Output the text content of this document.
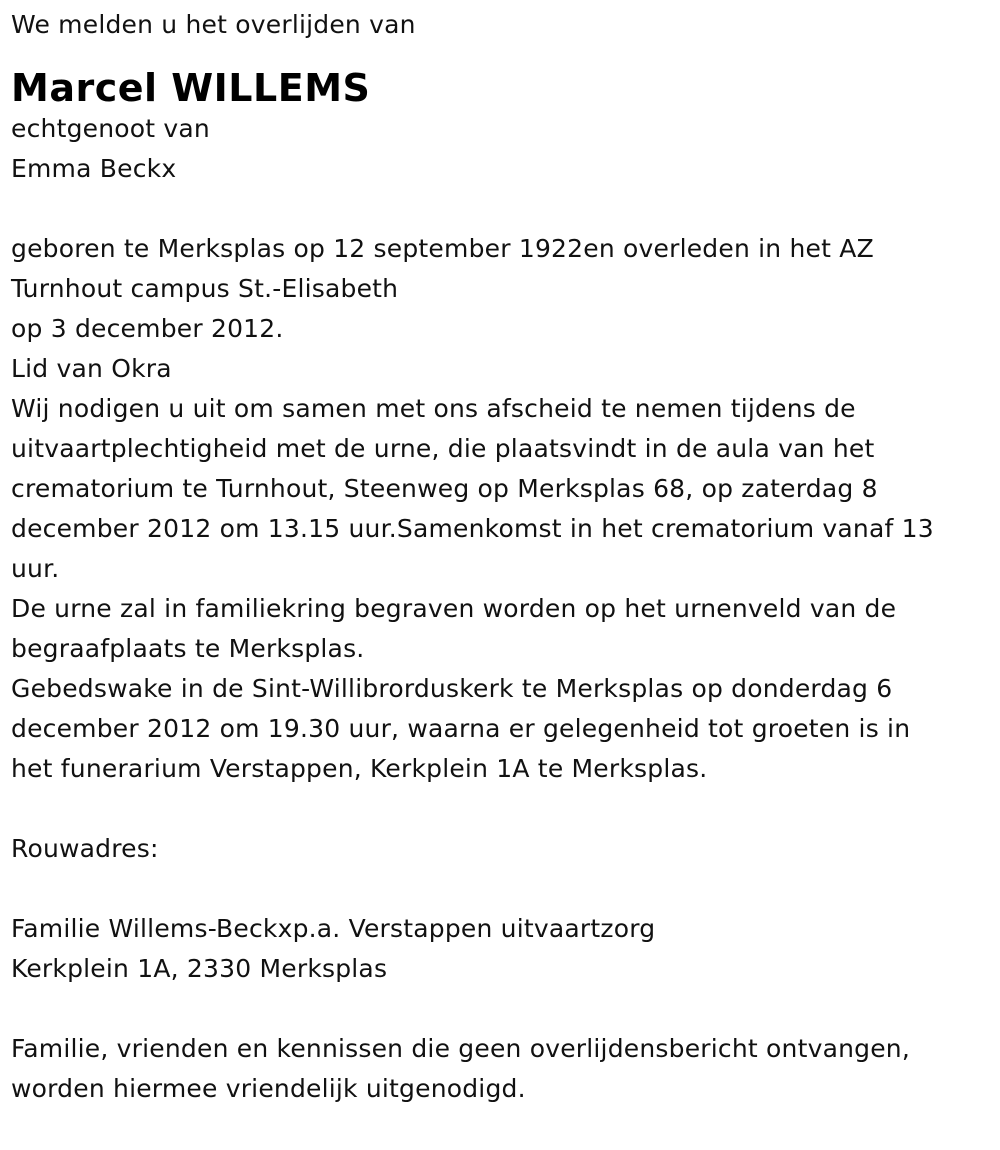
We melden u het overlijden van
Marcel WILLEMS
echtgenoot van
Emma Beckx
geboren te Merksplas op 12 september 1922en overleden in het AZ
Turnhout campus St.-Elisabeth
op 3 december 2012.
Lid van Okra
Wij nodigen u uit om samen met ons afscheid te nemen tijdens de
uitvaartplechtigheid met de urne, die plaatsvindt in de aula van het
crematorium te Turnhout, Steenweg op Merksplas 68, op zaterdag 8
december 2012 om 13.15 uur.Samenkomst in het crematorium vanaf 13
uur.
De urne zal in familiekring begraven worden op het urnenveld van de
begraafplaats te Merksplas.
Gebedswake in de Sint-Willibrorduskerk te Merksplas op donderdag 6
december 2012 om 19.30 uur, waarna er gelegenheid tot groeten is in
het funerarium Verstappen, Kerkplein 1A te Merksplas.
Rouwadres:
Familie Willems-Beckxp.a. Verstappen uitvaartzorg
Kerkplein 1A, 2330 Merksplas
Familie, vrienden en kennissen die geen overlijdensbericht ontvangen,
worden hiermee vriendelijk uitgenodigd.
